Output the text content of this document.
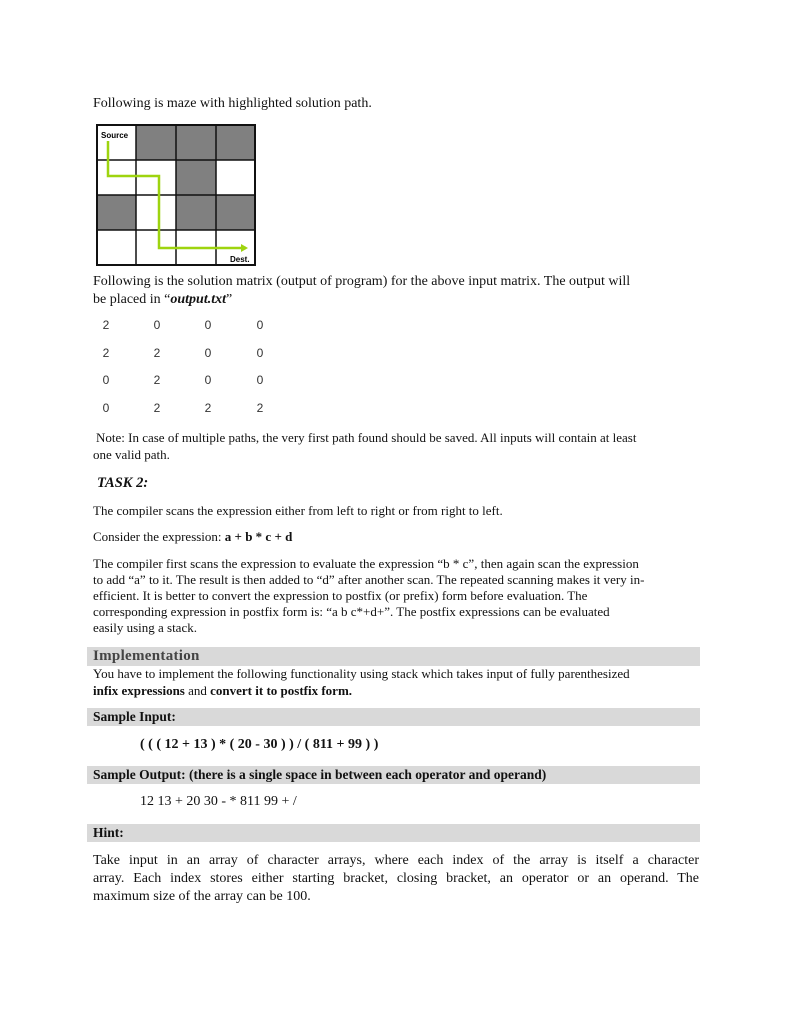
Following is maze with highlighted solution path.
Source
Dest.
Following is the solution matrix (output of program) for the above input matrix. The output will
be placed in “output.txt”
2	0	0	0
2	2	0	0
0	2	0	0
0	2	2	2
Note: In case of multiple paths, the very first path found should be saved. All inputs will contain at least
one valid path.
TASK 2:
The compiler scans the expression either from left to right or from right to left.
Consider the expression: a + b * c + d
The compiler first scans the expression to evaluate the expression “b * c”, then again scan the expression
to add “a” to it. The result is then added to “d” after another scan. The repeated scanning makes it very in-
efficient. It is better to convert the expression to postfix (or prefix) form before evaluation. The
corresponding expression in postfix form is: “a b c*+d+”. The postfix expressions can be evaluated
easily using a stack.
Implementation
You have to implement the following functionality using stack which takes input of fully parenthesized
infix expressions and convert it to postfix form.
Sample Input:
( ( ( 12 + 13 ) * ( 20 - 30 ) ) / ( 811 + 99 ) )
Sample Output: (there is a single space in between each operator and operand)
12 13 + 20 30 - * 811 99 + /
Hint:
Take input in an array of character arrays, where each index of the array is itself a character
array. Each index stores either starting bracket, closing bracket, an operator or an operand. The
maximum size of the array can be 100.
